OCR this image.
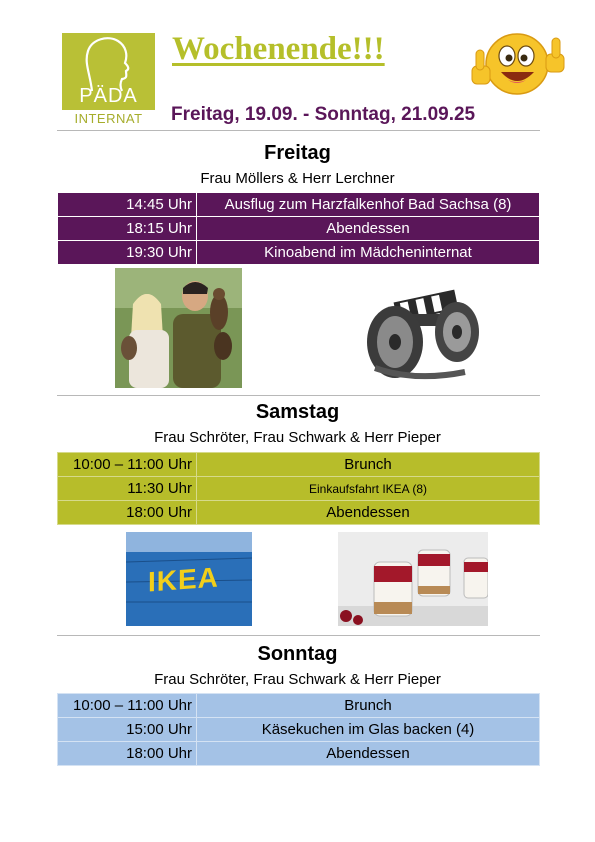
PÄDA
INTERNAT
Wochenende!!!
Freitag, 19.09. - Sonntag, 21.09.25
Freitag
Frau Möllers & Herr Lerchner
14:45 Uhr	Ausflug zum Harzfalkenhof Bad Sachsa (8)
18:15 Uhr	Abendessen
19:30 Uhr	Kinoabend im Mädcheninternat
Samstag
Frau Schröter, Frau Schwark & Herr Pieper
10:00 – 11:00 Uhr	Brunch
11:30 Uhr	Einkaufsfahrt IKEA (8)
18:00 Uhr	Abendessen
IKEA
Sonntag
Frau Schröter, Frau Schwark & Herr Pieper
10:00 – 11:00 Uhr	Brunch
15:00 Uhr	Käsekuchen im Glas backen (4)
18:00 Uhr	Abendessen
